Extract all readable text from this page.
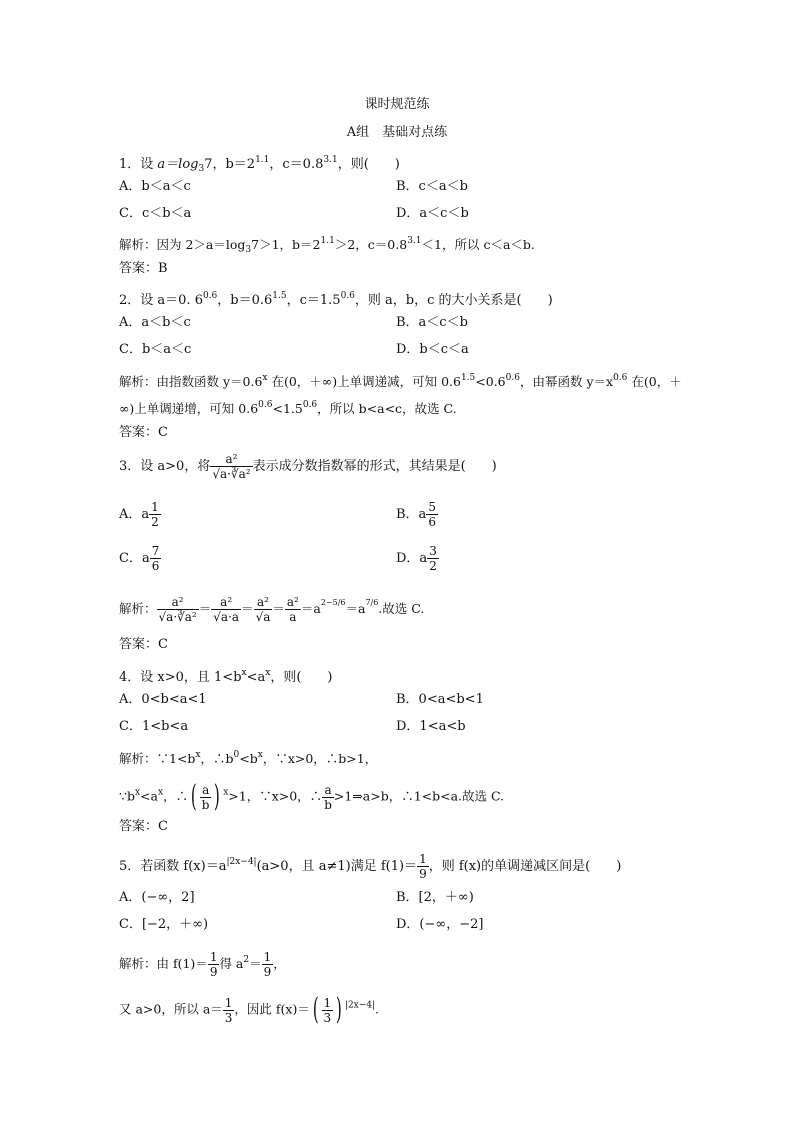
课时规范练
A组　基础对点练
1．设 $a=\log_37$，$b=2^{1.1}$，$c=0.8^{3.1}$，则(　　)
A．b＜a＜c	B．c＜a＜b
C．c＜b＜a	D．a＜c＜b
解析：因为 $2>a=\log_37>1$，$b=2^{1.1}>2$，$c=0.8^{3.1}<1$，所以 c＜a＜b.
答案：B
2．设 a＝0. $6^{0.6}$，$b=0.6^{1.5}$，$c=1.5^{0.6}$，则 a，b，c 的大小关系是(　　)
A．a＜b＜c	B．a＜c＜b
C．b＜a＜c	D．b＜c＜a
解析：由指数函数 $y=0.6^x$ 在(0，＋∞)上单调递减，可知 $0.6^{1.5}<0.6^{0.6}$，由幂函数 $y=x^{0.6}$ 在(0，＋
∞)上单调递增，可知 $0.6^{0.6}<1.5^{0.6}$，所以 b<a<c，故选 C.
答案：C
3．设 a>0，将 $\frac{\text{a²}}{\text{√a·∛a²}}$ 表示成分数指数幂的形式，其结果是(　　)
A．a $\frac{1}{2}$	B．a $\frac{5}{6}$
C．a $\frac{7}{6}$	D．a $\frac{3}{2}$
解析： $\frac{\text{a²}}{\text{√a·∛a²}} = \frac{\text{a²}}{√a\cdot a} = \frac{\text{a²}}{√a} = \frac{\text{a²}}{a} =a^{2-5/6}=a^{7/6}$.故选 C.
答案：C
4．设 x>0，且 $1<b^x<a^x$，则(　　)
A．0<b<a<1	B．0<a<b<1
C．1<b<a	D．1<a<b
解析：$\because 1<b^x$，$\therefore b^0<b^x$，∵x>0，∴b>1，
$\because b^x<a^x$，∴( $\frac{a}{b}$ ) $^x$>1，∵x>0，∴ $\frac{a}{b}$ >1⇒a>b，∴1<b<a.故选 C.
答案：C
5．若函数 $f(x)=a^{|2x-4|}(a>0$，且 a≠1)满足 $f(1)= \frac{1}{9}$ ，则 f(x)的单调递减区间是(　　)
A．(−∞，2]	B．[2，＋∞)
C．[−2，＋∞)	D．(−∞，−2]
解析：由 $f(1)= \frac{1}{9}$ 得 $a^2= \frac{1}{9}$ ，
又 a>0，所以 $a= \frac{1}{3}$ ，因此 $f(x)=( \frac{1}{3}$ ) $^{|2x-4|}$.
